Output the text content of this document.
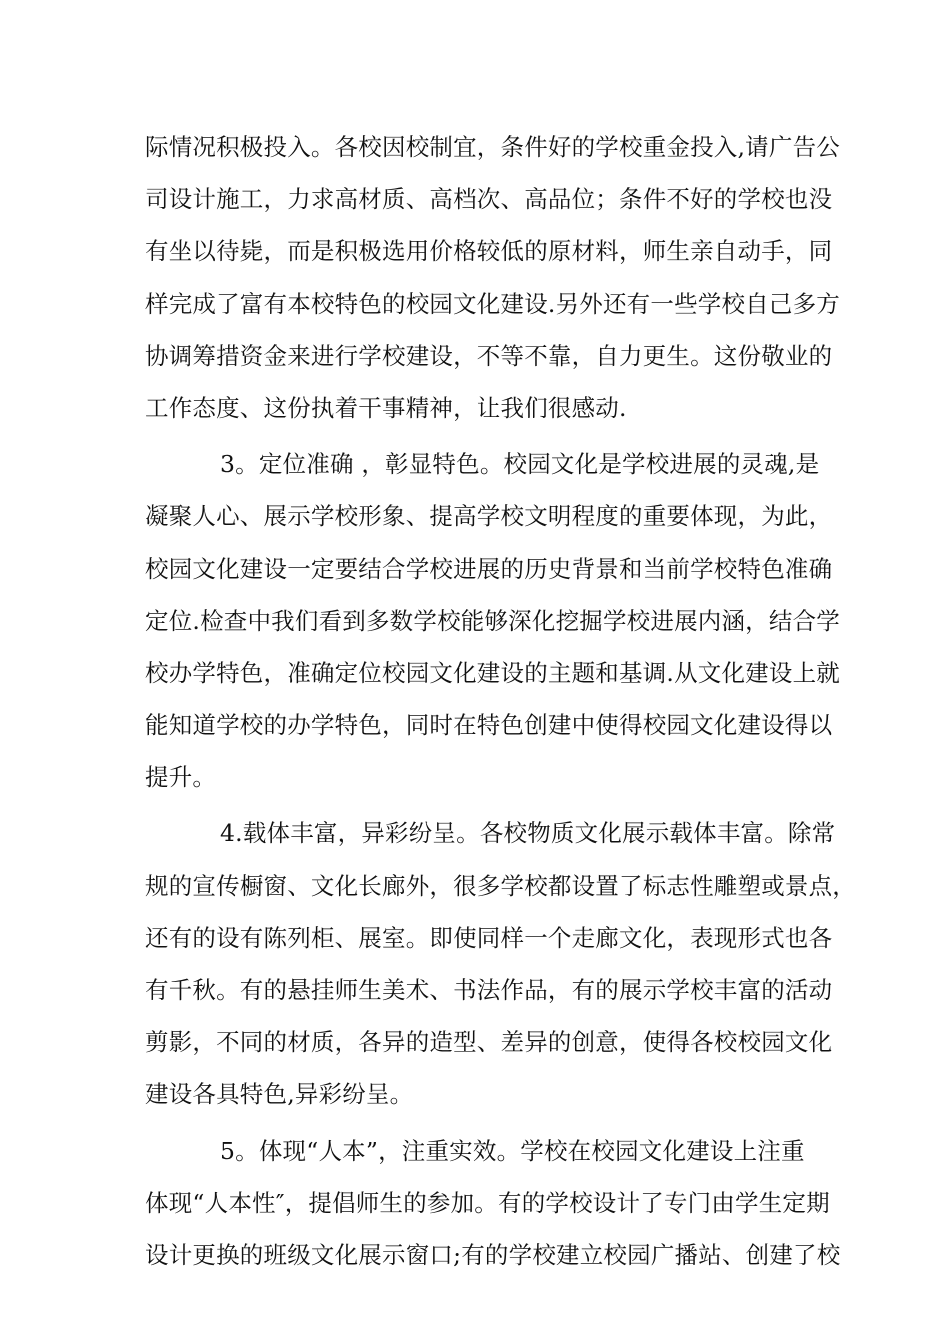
际情况积极投入。各校因校制宜，条件好的学校重金投入,请广告公
司设计施工，力求高材质、高档次、高品位；条件不好的学校也没
有坐以待毙，而是积极选用价格较低的原材料，师生亲自动手，同
样完成了富有本校特色的校园文化建设.另外还有一些学校自己多方
协调筹措资金来进行学校建设，不等不靠，自力更生。这份敬业的
工作态度、这份执着干事精神，让我们很感动.
3。定位准确 ，彰显特色。校园文化是学校进展的灵魂,是
凝聚人心、展示学校形象、提高学校文明程度的重要体现，为此，
校园文化建设一定要结合学校进展的历史背景和当前学校特色准确
定位.检查中我们看到多数学校能够深化挖掘学校进展内涵，结合学
校办学特色，准确定位校园文化建设的主题和基调.从文化建设上就
能知道学校的办学特色，同时在特色创建中使得校园文化建设得以
提升。
4.载体丰富，异彩纷呈。各校物质文化展示载体丰富。除常
规的宣传橱窗、文化长廊外，很多学校都设置了标志性雕塑或景点，
还有的设有陈列柜、展室。即使同样一个走廊文化，表现形式也各
有千秋。有的悬挂师生美术、书法作品，有的展示学校丰富的活动
剪影，不同的材质，各异的造型、差异的创意，使得各校校园文化
建设各具特色,异彩纷呈。
5。体现“人本”，注重实效。学校在校园文化建设上注重
体现“人本性″，提倡师生的参加。有的学校设计了专门由学生定期
设计更换的班级文化展示窗口;有的学校建立校园广播站、创建了校
